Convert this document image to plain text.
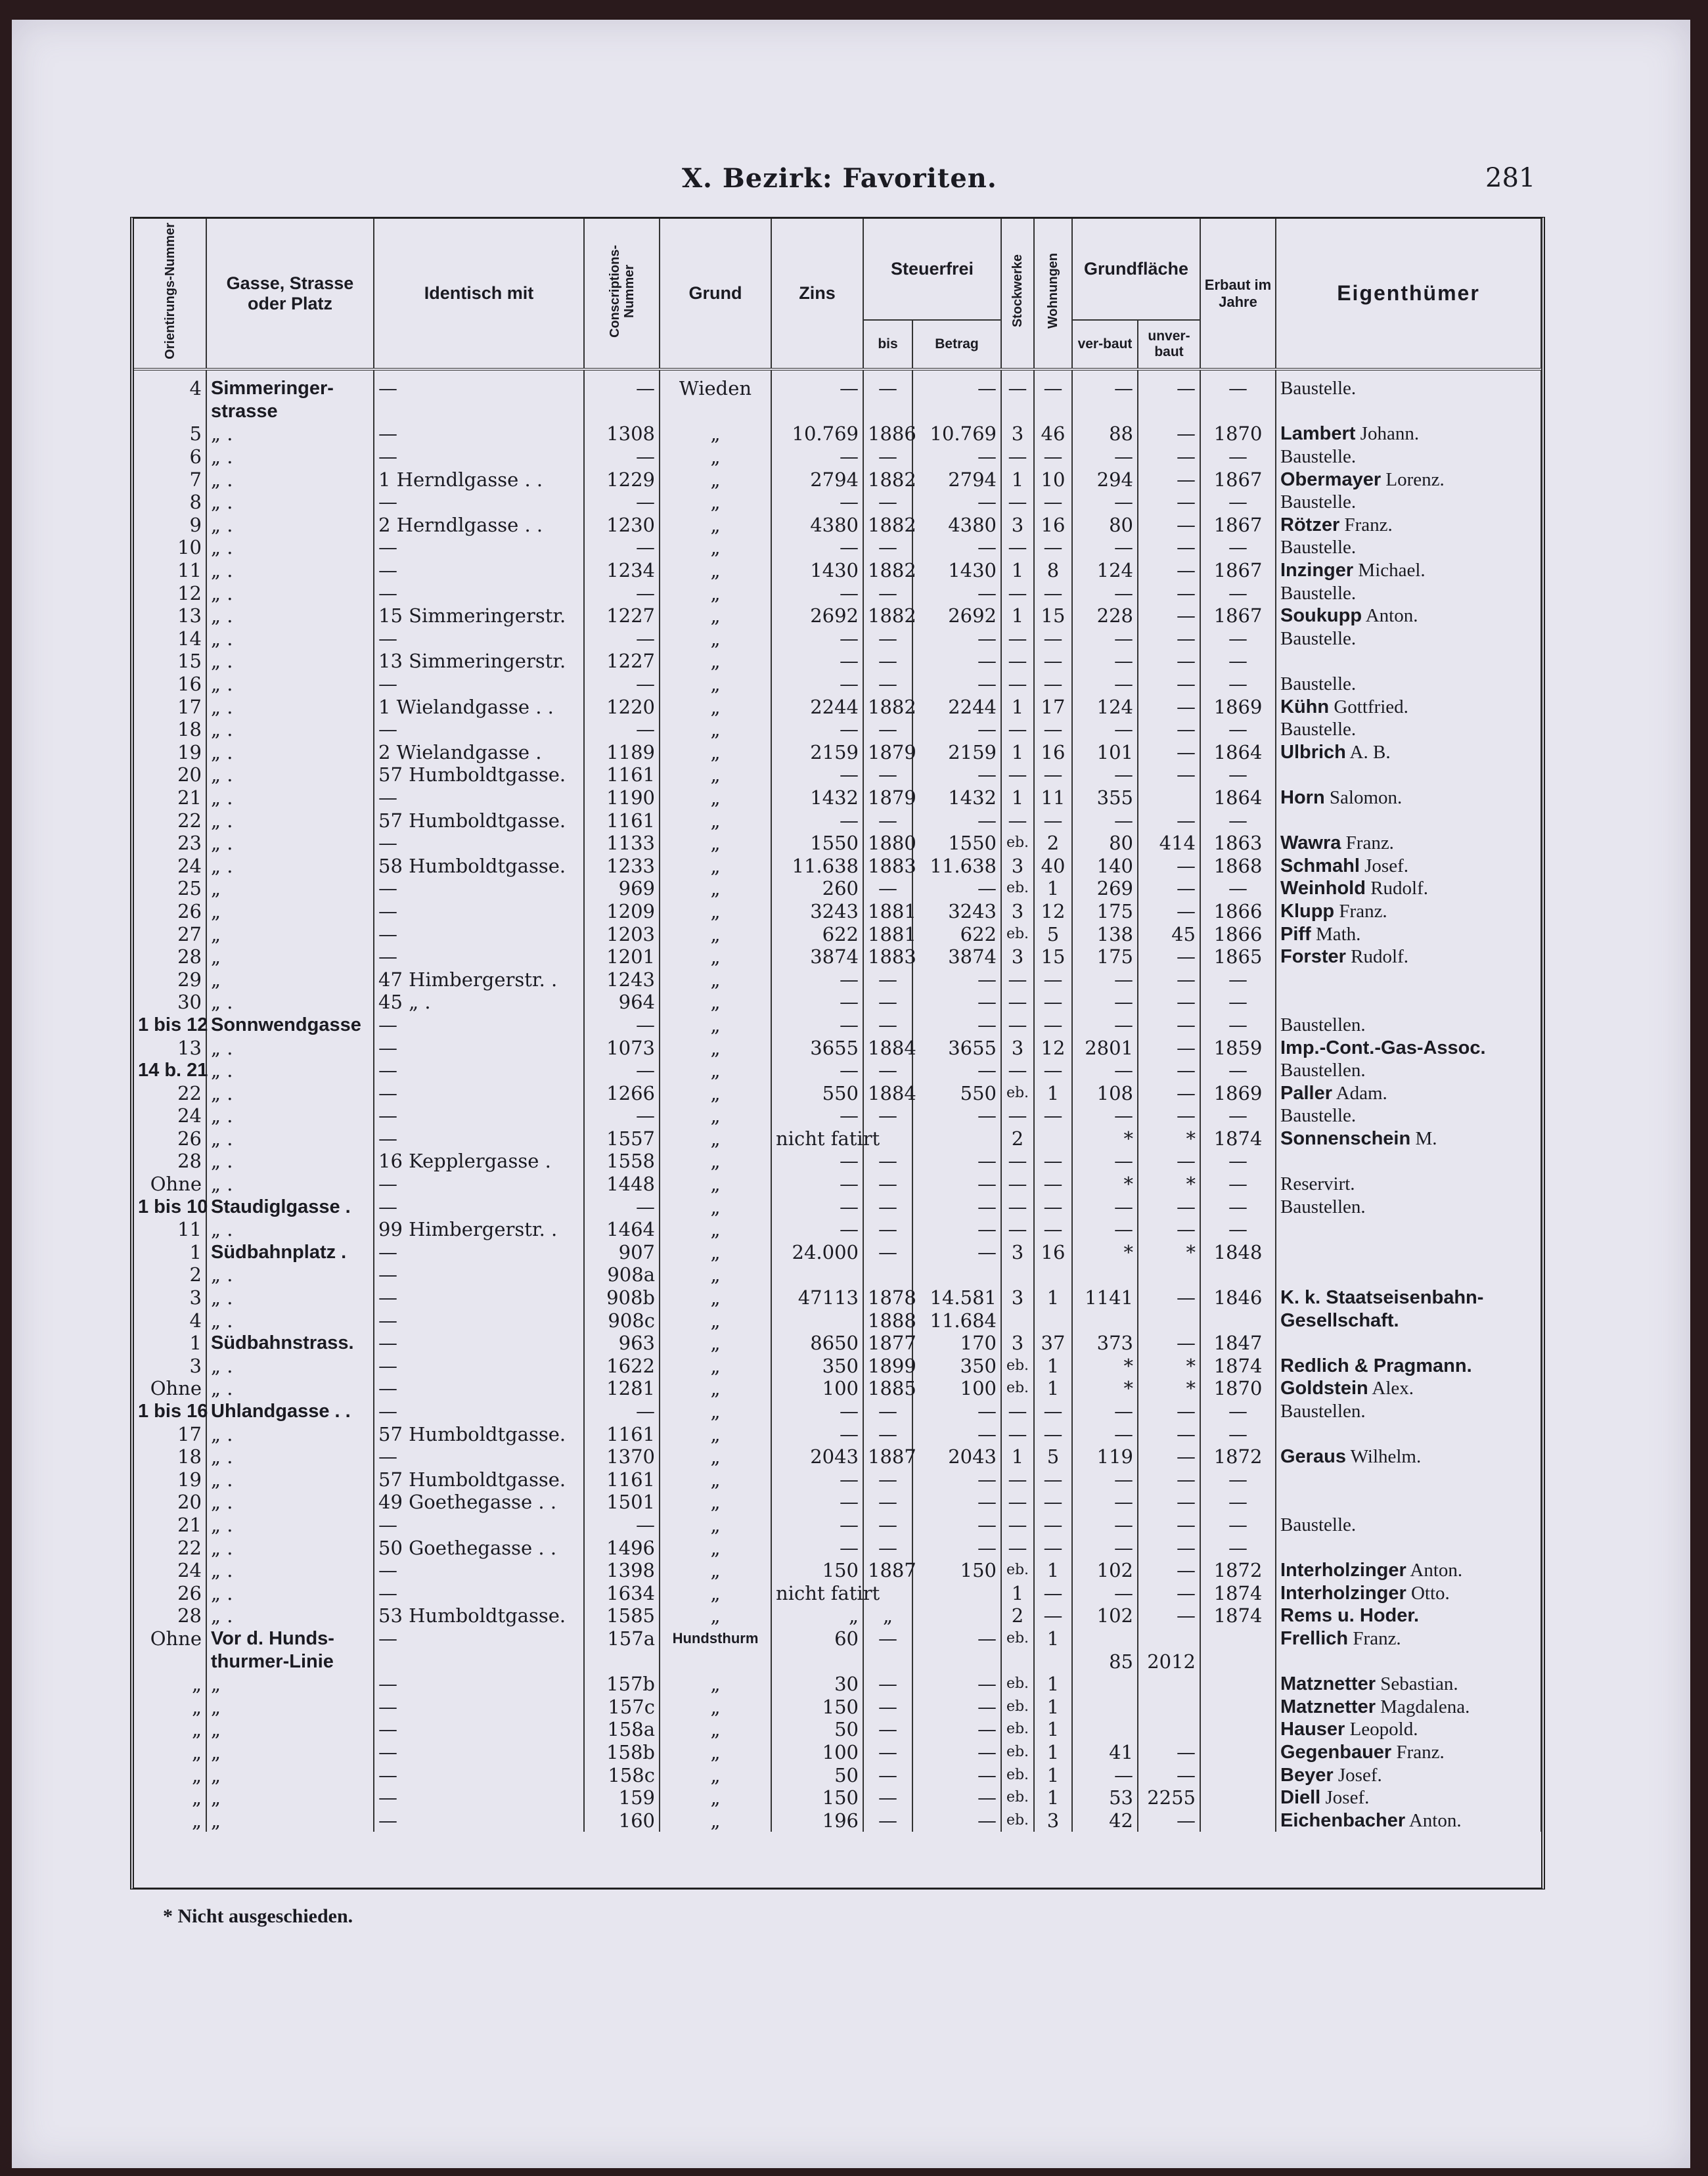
X. Bezirk: Favoriten.	281
Orientirungs-Nummer	Gasse, Strasse oder Platz	Identisch mit	Conscriptions-Nummer	Grund	Zins	Steuerfrei		Stockwerke	Wohnungen	Grundfläche		Erbaut im Jahre	Eigenthümer
						bis	Betrag			ver-baut	unver-baut		
4	Simmeringer-	—	—	Wieden	—	—	—	—	—	—	—	—	Baustelle.
	strasse												
5	„ .	—	1308	„	10.769	1886	10.769	3	46	88	—	1870	Lambert Johann.
6	„ .	—	—	„	—	—	—	—	—	—	—	—	Baustelle.
7	„ .	1 Herndlgasse . .	1229	„	2794	1882	2794	1	10	294	—	1867	Obermayer Lorenz.
8	„ .	—	—	„	—	—	—	—	—	—	—	—	Baustelle.
9	„ .	2 Herndlgasse . .	1230	„	4380	1882	4380	3	16	80	—	1867	Rötzer Franz.
10	„ .	—	—	„	—	—	—	—	—	—	—	—	Baustelle.
11	„ .	—	1234	„	1430	1882	1430	1	8	124	—	1867	Inzinger Michael.
12	„ .	—	—	„	—	—	—	—	—	—	—	—	Baustelle.
13	„ .	15 Simmeringerstr.	1227	„	2692	1882	2692	1	15	228	—	1867	Soukupp Anton.
14	„ .	—	—	„	—	—	—	—	—	—	—	—	Baustelle.
15	„ .	13 Simmeringerstr.	1227	„	—	—	—	—	—	—	—	—	
16	„ .	—	—	„	—	—	—	—	—	—	—	—	Baustelle.
17	„ .	1 Wielandgasse . .	1220	„	2244	1882	2244	1	17	124	—	1869	Kühn Gottfried.
18	„ .	—	—	„	—	—	—	—	—	—	—	—	Baustelle.
19	„ .	2 Wielandgasse .	1189	„	2159	1879	2159	1	16	101	—	1864	Ulbrich A. B.
20	„ .	57 Humboldtgasse.	1161	„	—	—	—	—	—	—	—	—	
21	„ .	—	1190	„	1432	1879	1432	1	11	355		1864	Horn Salomon.
22	„ .	57 Humboldtgasse.	1161	„	—	—	—	—	—	—	—	—	
23	„ .	—	1133	„	1550	1880	1550	eb.	2	80	414	1863	Wawra Franz.
24	„ .	58 Humboldtgasse.	1233	„	11.638	1883	11.638	3	40	140	—	1868	Schmahl Josef.
25	„	—	969	„	260	—	—	eb.	1	269	—	—	Weinhold Rudolf.
26	„	—	1209	„	3243	1881	3243	3	12	175	—	1866	Klupp Franz.
27	„	—	1203	„	622	1881	622	eb.	5	138	45	1866	Piff Math.
28	„	—	1201	„	3874	1883	3874	3	15	175	—	1865	Forster Rudolf.
29	„	47 Himbergerstr. .	1243	„	—	—	—	—	—	—	—	—	
30	„ .	45 „ .	964	„	—	—	—	—	—	—	—	—	
1 bis 12	Sonnwendgasse	—	—	„	—	—	—	—	—	—	—	—	Baustellen.
13	„ .	—	1073	„	3655	1884	3655	3	12	2801	—	1859	Imp.-Cont.-Gas-Assoc.
14 b. 21	„ .	—	—	„	—	—	—	—	—	—	—	—	Baustellen.
22	„ .	—	1266	„	550	1884	550	eb.	1	108	—	1869	Paller Adam.
24	„ .	—	—	„	—	—	—	—	—	—	—	—	Baustelle.
26	„ .	—	1557	„	nicht fatirt			2		*	*	1874	Sonnenschein M.
28	„ .	16 Kepplergasse .	1558	„	—	—	—	—	—	—	—	—	
Ohne	„ .	—	1448	„	—	—	—	—	—	*	*	—	Reservirt.
1 bis 10	Staudiglgasse .	—	—	„	—	—	—	—	—	—	—	—	Baustellen.
11	„ .	99 Himbergerstr. .	1464	„	—	—	—	—	—	—	—	—	
1	Südbahnplatz .	—	907	„	24.000	—	—	3	16	*	*	1848	
2	„ .	—	908a	„									
3	„ .	—	908b	„	47113	1878	14.581	3	1	1141	—	1846	K. k. Staatseisenbahn-
4	„ .	—	908c	„		1888	11.684						Gesellschaft.
1	Südbahnstrass.	—	963	„	8650	1877	170	3	37	373	—	1847	
3	„ .	—	1622	„	350	1899	350	eb.	1	*	*	1874	Redlich & Pragmann.
Ohne	„ .	—	1281	„	100	1885	100	eb.	1	*	*	1870	Goldstein Alex.
1 bis 16	Uhlandgasse . .	—	—	„	—	—	—	—	—	—	—	—	Baustellen.
17	„ .	57 Humboldtgasse.	1161	„	—	—	—	—	—	—	—	—	
18	„ .	—	1370	„	2043	1887	2043	1	5	119	—	1872	Geraus Wilhelm.
19	„ .	57 Humboldtgasse.	1161	„	—	—	—	—	—	—	—	—	
20	„ .	49 Goethegasse . .	1501	„	—	—	—	—	—	—	—	—	
21	„ .	—	—	„	—	—	—	—	—	—	—	—	Baustelle.
22	„ .	50 Goethegasse . .	1496	„	—	—	—	—	—	—	—	—	
24	„ .	—	1398	„	150	1887	150	eb.	1	102	—	1872	Interholzinger Anton.
26	„ .	—	1634	„	nicht fatirt			1	—	—	—	1874	Interholzinger Otto.
28	„ .	53 Humboldtgasse.	1585	„	„	„		2	—	102	—	1874	Rems u. Hoder.
Ohne	Vor d. Hunds-	—	157a	Hundsthurm	60	—	—	eb.	1				Frellich Franz.
	thurmer-Linie									85	2012		
„	„	—	157b	„	30	—	—	eb.	1				Matznetter Sebastian.
„	„	—	157c	„	150	—	—	eb.	1				Matznetter Magdalena.
„	„	—	158a	„	50	—	—	eb.	1				Hauser Leopold.
„	„	—	158b	„	100	—	—	eb.	1	41	—		Gegenbauer Franz.
„	„	—	158c	„	50	—	—	eb.	1	—	—		Beyer Josef.
„	„	—	159	„	150	—	—	eb.	1	53	2255		Diell Josef.
„	„	—	160	„	196	—	—	eb.	3	42	—		Eichenbacher Anton.
* Nicht ausgeschieden.
